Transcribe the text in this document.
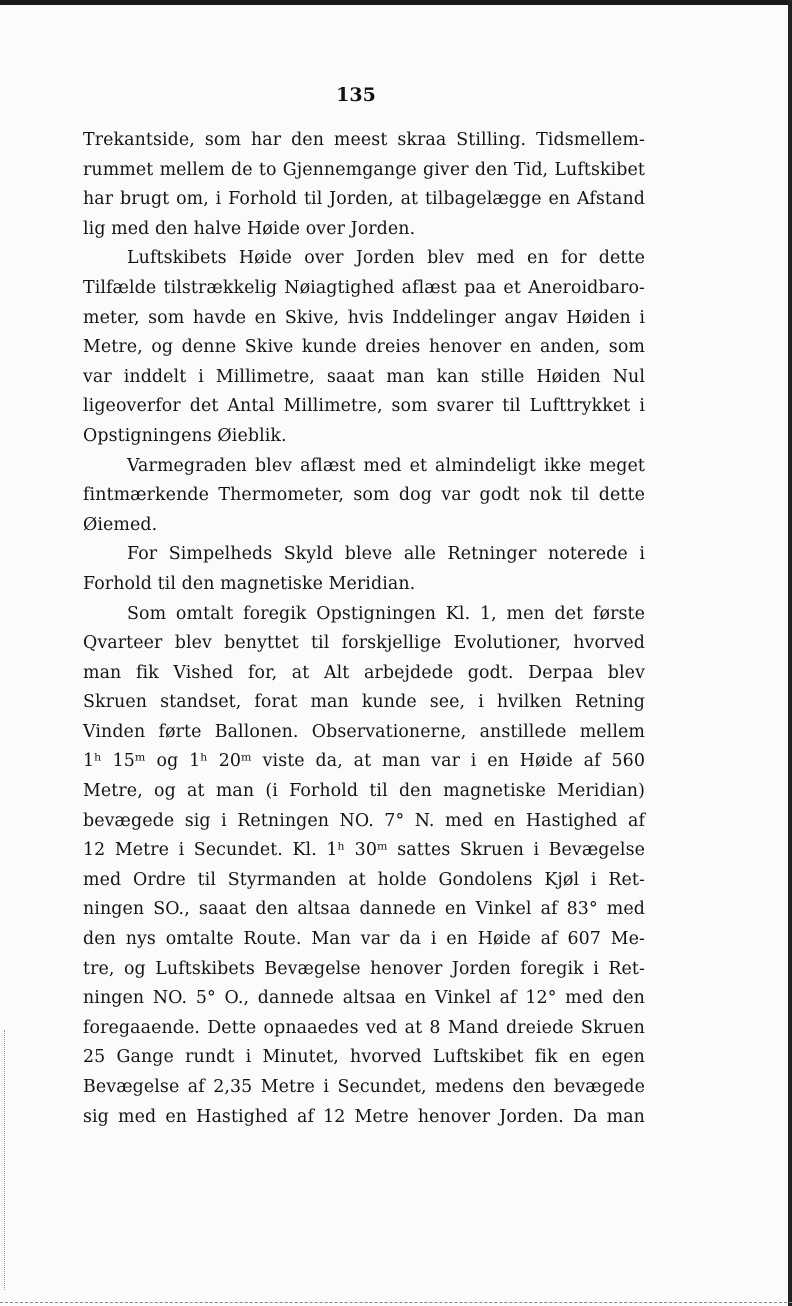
135
Trekantside, som har den meest skraa Stilling. Tidsmellem-
rummet mellem de to Gjennemgange giver den Tid, Luftskibet
har brugt om, i Forhold til Jorden, at tilbagelægge en Afstand
lig med den halve Høide over Jorden.
Luftskibets Høide over Jorden blev med en for dette
Tilfælde tilstrækkelig Nøiagtighed aflæst paa et Aneroidbaro-
meter, som havde en Skive, hvis Inddelinger angav Høiden i
Metre, og denne Skive kunde dreies henover en anden, som
var inddelt i Millimetre, saaat man kan stille Høiden Nul
ligeoverfor det Antal Millimetre, som svarer til Lufttrykket i
Opstigningens Øieblik.
Varmegraden blev aflæst med et almindeligt ikke meget
fintmærkende Thermometer, som dog var godt nok til dette
Øiemed.
For Simpelheds Skyld bleve alle Retninger noterede i
Forhold til den magnetiske Meridian.
Som omtalt foregik Opstigningen Kl. 1, men det første
Qvarteer blev benyttet til forskjellige Evolutioner, hvorved
man fik Vished for, at Alt arbejdede godt. Derpaa blev
Skruen standset, forat man kunde see, i hvilken Retning
Vinden førte Ballonen. Observationerne, anstillede mellem
1ʰ 15ᵐ og 1ʰ 20ᵐ viste da, at man var i en Høide af 560
Metre, og at man (i Forhold til den magnetiske Meridian)
bevægede sig i Retningen NO. 7° N. med en Hastighed af
12 Metre i Secundet. Kl. 1ʰ 30ᵐ sattes Skruen i Bevægelse
med Ordre til Styrmanden at holde Gondolens Kjøl i Ret-
ningen SO., saaat den altsaa dannede en Vinkel af 83° med
den nys omtalte Route. Man var da i en Høide af 607 Me-
tre, og Luftskibets Bevægelse henover Jorden foregik i Ret-
ningen NO. 5° O., dannede altsaa en Vinkel af 12° med den
foregaaende. Dette opnaaedes ved at 8 Mand dreiede Skruen
25 Gange rundt i Minutet, hvorved Luftskibet fik en egen
Bevægelse af 2,35 Metre i Secundet, medens den bevægede
sig med en Hastighed af 12 Metre henover Jorden. Da man
